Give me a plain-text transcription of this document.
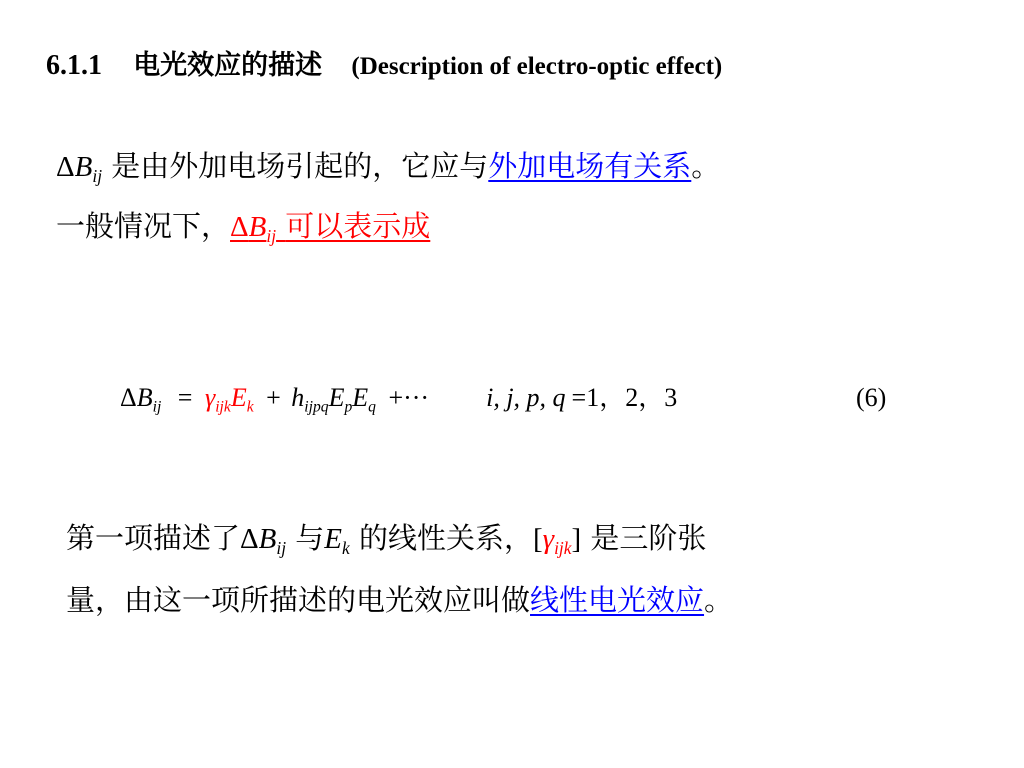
6.1.1 电光效应的描述 (Description of electro-optic effect)
$\Delta B_{ij}$ 是由外加电场引起的，它应与外加电场有关系。
一般情况下，$\Delta B_{ij}$ 可以表示成
$\Delta B_{ij} = \gamma_{ijk}E_k + h_{ijpq}E_pE_q$ +··· i, j, p, q =1，2，3	(6)
第一项描述了$\Delta B_{ij}$ 与$E_k$ 的线性关系，$[\gamma_{ijk}]$ 是三阶张
量，由这一项所描述的电光效应叫做线性电光效应。
